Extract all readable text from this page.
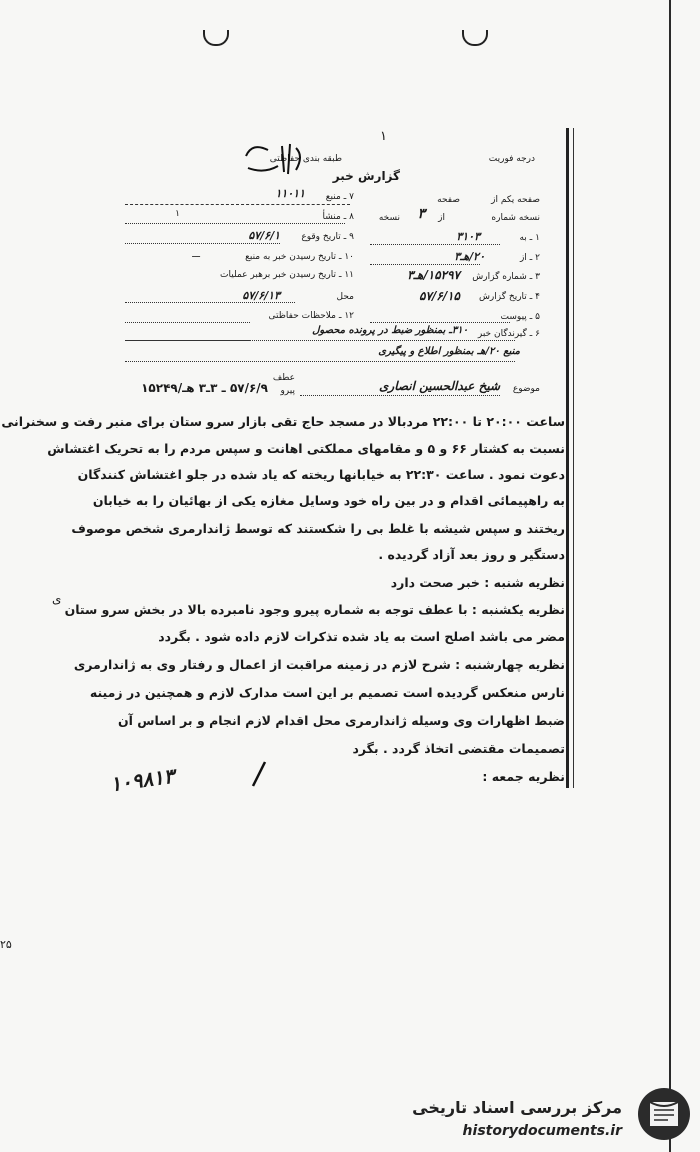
۱
درجه فوریت
طبقه بندی حفاظتی
گزارش خبر
۷ ـ منبع
۱۱۰۱۱
۸ ـ منشأ
۱
۹ ـ تاریخ وقوع
۵۷/۶/۱
۱۰ ـ تاریخ رسیدن خبر به منبع
ـــ
۱۱ ـ تاریخ رسیدن خبر برهبر عملیات
محل
۵۷/۶/۱۳
۱۲ ـ ملاحظات حفاظتی
صفحه یکم از
صفحه
نسخه شماره
از
۳
نسخه
۱ ـ به
۳۱۰۳
۲ ـ از
۲۰/هـ۳
۳ ـ شماره گزارش
۱۵۲۹۷/هـ۳
۴ ـ تاریخ گزارش
۵۷/۶/۱۵
۵ ـ پیوست
۶ ـ گیرندگان خبر
۳۱۰ـ بمنظور ضبط در پرونده محصول
منبع ۲۰/هـ بمنظور اطلاع و پیگیری
موضوع
شیخ عبدالحسین انصاری
عطف
پیرو
۵۷/۶/۹ ـ ۳ـ۳ هـ/۱۵۲۴۹
ساعت ۲۰:۰۰ تا ۲۲:۰۰ مردبالا در مسجد حاج تقی بازار سرو ستان برای منبر رفت و سخنرانی
نسبت به کشتار ۶۶ و ۵ و مقامهای مملکتی اهانت و سپس مردم را به تحریک اغتشاش
دعوت نمود . ساعت ۲۲:۳۰ به خیابانها ریخته که یاد شده در جلو اغتشاش کنندگان
به راهپیمائی اقدام و در بین راه خود وسایل مغازه یکی از بهائیان را به خیابان
ریختند و سپس شیشه با غلط بی را شکستند که توسط ژاندارمری شخص موصوف
دستگیر و روز بعد آزاد گردیده .
نظریه شنبه : خبر صحت دارد
نظریه یکشنبه : با عطف توجه به شماره پیرو وجود نامبرده بالا در بخش سرو ستان
مضر می باشد اصلح است به یاد شده تذکرات لازم داده شود . بگردد
نظریه چهارشنبه : شرح لازم در زمینه مراقبت از اعمال و رفتار وی به ژاندارمری
نارس منعکس گردیده است تصمیم بر این است مدارک لازم و همچنین در زمینه
ضبط اظهارات وی وسیله ژاندارمری محل اقدام لازم انجام و بر اساس آن
تصمیمات مقتضی اتخاذ گردد . بگرد
نظریه جمعه :
۱۰۹۸۱۳
ی
۲۵
مرکز بررسی اسناد تاریخی
historydocuments.ir
